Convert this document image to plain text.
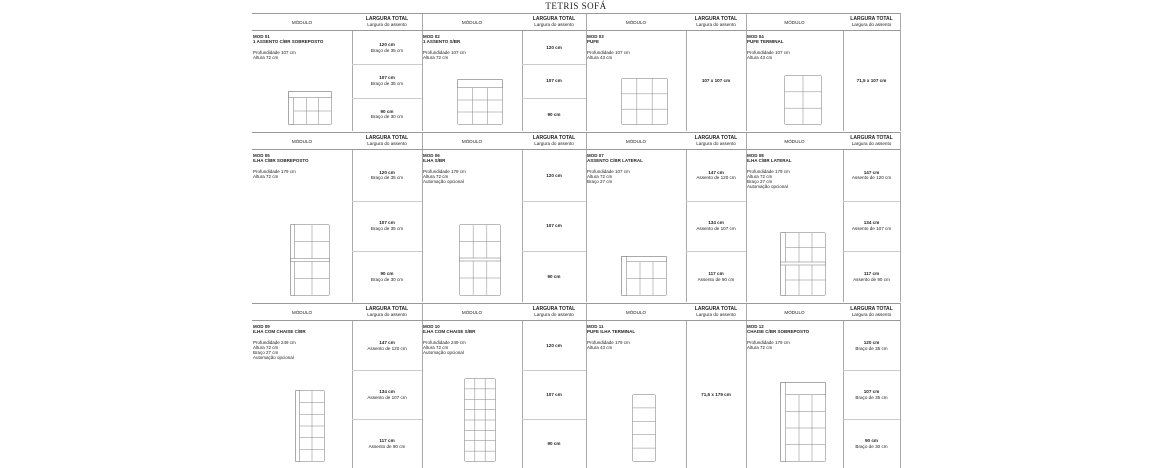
TETRIS SOFÁ
MÓDULO
LARGURA TOTAL
Largura do assento
MOD 01
1 ASSENTO C/BR SOBREPOSTO
Profundidade 107 cm
Altura 72 cm
120 cm
Braço de 35 cm
107 cm
Braço de 35 cm
90 cm
Braço de 30 cm
MÓDULO
LARGURA TOTAL
Largura do assento
MOD 02
1 ASSENTO S/BR
Profundidade 107 cm
Altura 72 cm
120 cm
107 cm
90 cm
MÓDULO
LARGURA TOTAL
Largura do assento
MOD 03
PUFE
Profundidade 107 cm
Altura 43 cm
107 x 107 cm
MÓDULO
LARGURA TOTAL
Largura do assento
MOD 04
PUFE TERMINAL
Profundidade 107 cm
Altura 43 cm
71,5 x 107 cm
MÓDULO
LARGURA TOTAL
Largura do assento
MOD 05
ILHA C/BR SOBREPOSTO
Profundidade 179 cm
Altura 72 cm
120 cm
Braço de 35 cm
107 cm
Braço de 35 cm
90 cm
Braço de 30 cm
MÓDULO
LARGURA TOTAL
Largura do assento
MOD 06
ILHA S/BR
Profundidade 179 cm
Altura 72 cm
Automação opcional
120 cm
107 cm
90 cm
MÓDULO
LARGURA TOTAL
Largura do assento
MOD 07
ASSENTO C/BR LATERAL
Profundidade 107 cm
Altura 72 cm
Braço 27 cm
147 cm
Assento de 120 cm
134 cm
Assento de 107 cm
117 cm
Assento de 90 cm
MÓDULO
LARGURA TOTAL
Largura do assento
MOD 08
ILHA C/BR LATERAL
Profundidade 179 cm
Altura 72 cm
Braço 27 cm
Automação opcional
147 cm
Assento de 120 cm
134 cm
Assento de 107 cm
117 cm
Assento de 90 cm
MÓDULO
LARGURA TOTAL
Largura do assento
MOD 09
ILHA COM CHAISE C/BR
Profundidade 249 cm
Altura 72 cm
Braço 27 cm
Automação opcional
147 cm
Assento de 120 cm
134 cm
Assento de 107 cm
117 cm
Assento de 90 cm
MÓDULO
LARGURA TOTAL
Largura do assento
MOD 10
ILHA COM CHAISE S/BR
Profundidade 249 cm
Altura 72 cm
Automação opcional
120 cm
107 cm
90 cm
MÓDULO
LARGURA TOTAL
Largura do assento
MOD 11
PUFE ILHA TERMINAL
Profundidade 179 cm
Altura 43 cm
71,5 x 179 cm
MÓDULO
LARGURA TOTAL
Largura do assento
MOD 12
CHAISE C/BR SOBREPOSTO
Profundidade 179 cm
Altura 72 cm
120 cm
Braço de 35 cm
107 cm
Braço de 35 cm
90 cm
Braço de 30 cm
